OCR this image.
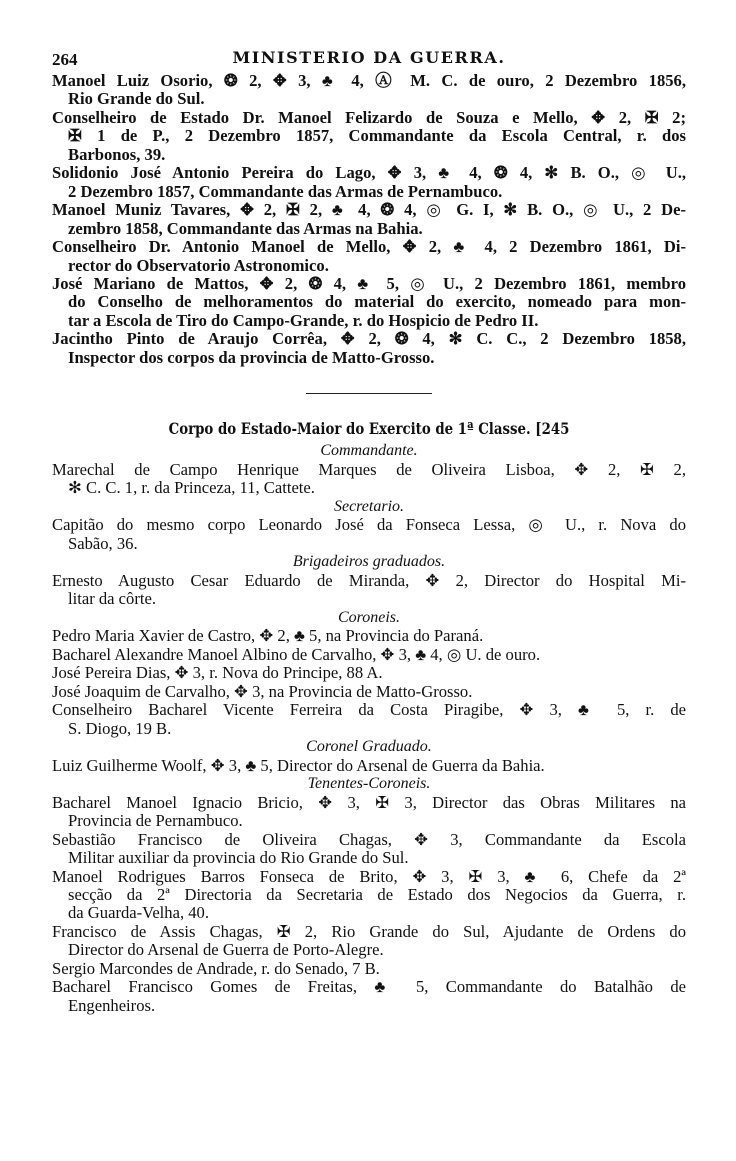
264	MINISTERIO DA GUERRA.
Manoel Luiz Osorio, ❂ 2, ✥ 3, ♣ 4, Ⓐ M. C. de ouro, 2 Dezembro 1856,
Rio Grande do Sul.
Conselheiro de Estado Dr. Manoel Felizardo de Souza e Mello, ✥ 2, ✠ 2;
✠ 1 de P., 2 Dezembro 1857, Commandante da Escola Central, r. dos
Barbonos, 39.
Solidonio José Antonio Pereira do Lago, ✥ 3, ♣ 4, ❂ 4, ✻ B. O., ◎ U.,
2 Dezembro 1857, Commandante das Armas de Pernambuco.
Manoel Muniz Tavares, ✥ 2, ✠ 2, ♣ 4, ❂ 4, ◎ G. I, ✻ B. O., ◎ U., 2 De-
zembro 1858, Commandante das Armas na Bahia.
Conselheiro Dr. Antonio Manoel de Mello, ✥ 2, ♣ 4, 2 Dezembro 1861, Di-
rector do Observatorio Astronomico.
José Mariano de Mattos, ✥ 2, ❂ 4, ♣ 5, ◎ U., 2 Dezembro 1861, membro
do Conselho de melhoramentos do material do exercito, nomeado para mon-
tar a Escola de Tiro do Campo-Grande, r. do Hospicio de Pedro II.
Jacintho Pinto de Araujo Corrêa, ✥ 2, ❂ 4, ✻ C. C., 2 Dezembro 1858,
Inspector dos corpos da provincia de Matto-Grosso.
Corpo do Estado-Maior do Exercito de 1ª Classe. [245
Commandante.
Marechal de Campo Henrique Marques de Oliveira Lisboa, ✥ 2, ✠ 2,
✻ C. C. 1, r. da Princeza, 11, Cattete.
Secretario.
Capitão do mesmo corpo Leonardo José da Fonseca Lessa, ◎ U., r. Nova do
Sabão, 36.
Brigadeiros graduados.
Ernesto Augusto Cesar Eduardo de Miranda, ✥ 2, Director do Hospital Mi-
litar da côrte.
Coroneis.
Pedro Maria Xavier de Castro, ✥ 2, ♣ 5, na Provincia do Paraná.
Bacharel Alexandre Manoel Albino de Carvalho, ✥ 3, ♣ 4, ◎ U. de ouro.
José Pereira Dias, ✥ 3, r. Nova do Principe, 88 A.
José Joaquim de Carvalho, ✥ 3, na Provincia de Matto-Grosso.
Conselheiro Bacharel Vicente Ferreira da Costa Piragibe, ✥ 3, ♣ 5, r. de
S. Diogo, 19 B.
Coronel Graduado.
Luiz Guilherme Woolf, ✥ 3, ♣ 5, Director do Arsenal de Guerra da Bahia.
Tenentes-Coroneis.
Bacharel Manoel Ignacio Bricio, ✥ 3, ✠ 3, Director das Obras Militares na
Provincia de Pernambuco.
Sebastião Francisco de Oliveira Chagas, ✥ 3, Commandante da Escola
Militar auxiliar da provincia do Rio Grande do Sul.
Manoel Rodrigues Barros Fonseca de Brito, ✥ 3, ✠ 3, ♣ 6, Chefe da 2ª
secção da 2ª Directoria da Secretaria de Estado dos Negocios da Guerra, r.
da Guarda-Velha, 40.
Francisco de Assis Chagas, ✠ 2, Rio Grande do Sul, Ajudante de Ordens do
Director do Arsenal de Guerra de Porto-Alegre.
Sergio Marcondes de Andrade, r. do Senado, 7 B.
Bacharel Francisco Gomes de Freitas, ♣ 5, Commandante do Batalhão de
Engenheiros.
